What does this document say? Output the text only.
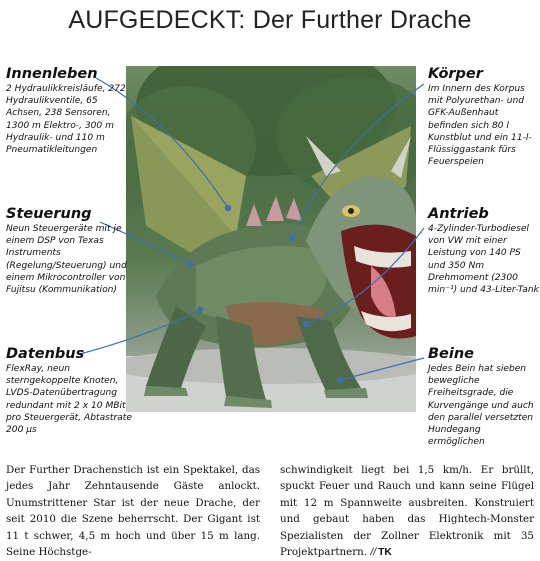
AUFGEDECKT: Der Further Drache
Innenleben
2 Hydraulikkreisläufe, 272 Hydraulikventile, 65 Achsen, 238 Sensoren, 1300 m Elektro-, 300 m Hydraulik- und 110 m Pneumatikleitungen
Steuerung
Neun Steuergeräte mit je einem DSP von Texas Instruments (Regelung/Steuerung) und einem Mikrocontroller von Fujitsu (Kommunikation)
Datenbus
FlexRay, neun sterngekoppelte Knoten, LVDS-Datenübertragung redundant mit 2 x 10 MBit pro Steuergerät, Abtastrate 200 µs
Körper
Im Innern des Korpus mit Polyurethan- und GFK-Außenhaut befinden sich 80 l Kunstblut und ein 11-l-Flüssiggastank fürs Feuerspeien
Antrieb
4-Zylinder-Turbodiesel von VW mit einer Leistung von 140 PS und 350 Nm Drehmoment (2300 min⁻¹) und 43-Liter-Tank
Beine
Jedes Bein hat sieben bewegliche Freiheitsgrade, die Kurvengänge und auch den parallel versetzten Hundegang ermöglichen
Der Further Drachenstich ist ein Spektakel, das jedes Jahr Zehntausende Gäste anlockt. Unumstrittener Star ist der neue Drache, der seit 2010 die Szene beherrscht. Der Gigant ist 11 t schwer, 4,5 m hoch und über 15 m lang. Seine Höchstge-
schwindigkeit liegt bei 1,5 km/h. Er brüllt, spuckt Feuer und Rauch und kann seine Flügel mit 12 m Spannweite ausbreiten. Konstruiert und gebaut haben das Hightech-Monster Spezialisten der Zollner Elektronik mit 35 Projektpartnern. // TK
